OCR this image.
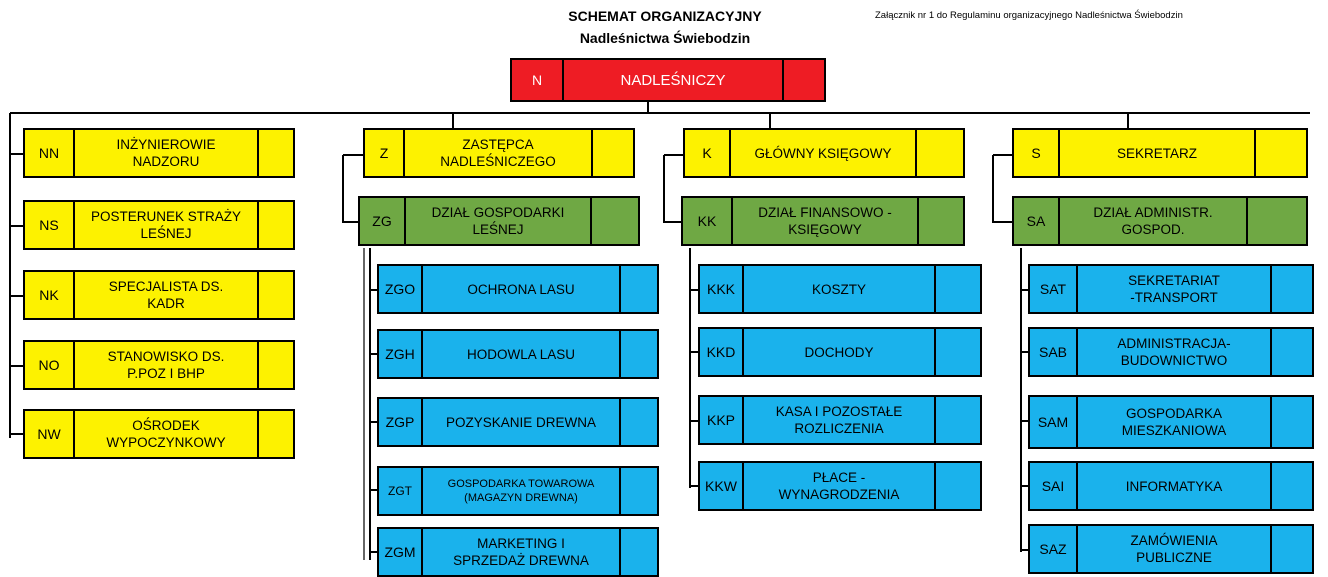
SCHEMAT ORGANIZACYJNY
Nadleśnictwa Świebodzin
Załącznik nr 1 do Regulaminu organizacyjnego Nadleśnictwa Świebodzin
N	NADLEŚNICZY
NN
INŻYNIEROWIE
NADZORU
NS
POSTERUNEK STRAŻY
LEŚNEJ
NK
SPECJALISTA DS.
KADR
NO
STANOWISKO DS.
P.POZ I BHP
NW
OŚRODEK
WYPOCZYNKOWY
Z
ZASTĘPCA
NADLEŚNICZEGO
ZG
DZIAŁ GOSPODARKI
LEŚNEJ
ZGO	OCHRONA LASU
ZGH	HODOWLA LASU
ZGP	POZYSKANIE DREWNA
ZGT	GOSPODARKA TOWAROWA
(MAGAZYN DREWNA)
ZGM
MARKETING I
SPRZEDAŻ DREWNA
K	GŁÓWNY KSIĘGOWY
KK
DZIAŁ FINANSOWO -
KSIĘGOWY
KKK	KOSZTY
KKD	DOCHODY
KKP
KASA I POZOSTAŁE
ROZLICZENIA
KKW
PŁACE -
WYNAGRODZENIA
S	SEKRETARZ
SA
DZIAŁ ADMINISTR.
GOSPOD.
SAT
SEKRETARIAT
-TRANSPORT
SAB
ADMINISTRACJA-
BUDOWNICTWO
SAM
GOSPODARKA
MIESZKANIOWA
SAI	INFORMATYKA
SAZ
ZAMÓWIENIA
PUBLICZNE
